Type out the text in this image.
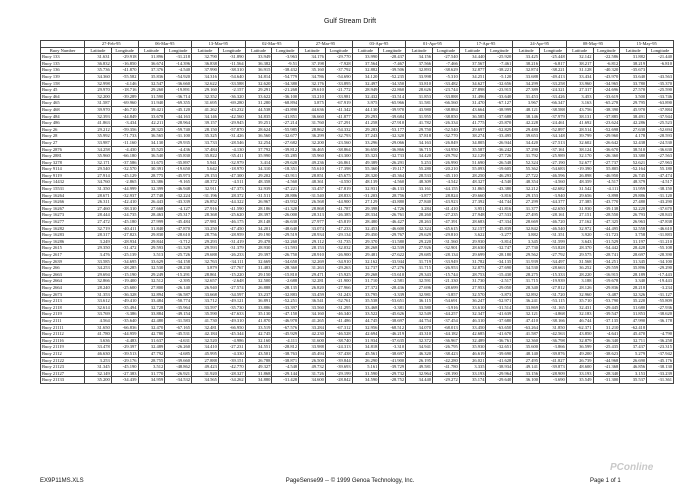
Gulf Stream Drift
	27-Feb-95		06-Mar-95		13-Mar-95		02-Mar-95		27-Mar-95		03-Apr-95		01-Apr-95		17-Apr-95		24-Apr-95		08-May-95		15-May-95	
Buoy Number	Latitude	Longitude	Latitude	Longitude	Latitude	Longitude	Latitude	Longitude	Latitude	Longitude	Latitude	Longitude	Latitude	Longitude	Latitude	Longitude	Latitude	Longitude	Latitude	Longitude	Latitude	Longitude
Buoy 133	31.631	-29.918	31.896	-31.218	32.790	-31.890	33.949	-3.963	34.176	-29.770	33.990	-28.437	34.156	-27.540	34.440	-25.920	33.425	-25.448	32.142	-22.586	31.882	-21.440
Buoy 135	36.832	-16.850	36.674	-14.396	36.838	-11.564	36.382	-9.51	37.198	-7.928	37.564	-7.467	37.566	-7.466	37.567	-7.461	38.216	-6.817	38.217	-6.812	38.219	-6.810
Buoy 136	35.736	-41.870	37.376	-4.540	37.990	-38.310	36.915	-38.432	35.160	-37.792	32.882	-39.506	32.893	-38.629	32.877	-38.221	32.874	-38.221	31.128	-40.320	-35.673	
Buoy 139	34.360	-55.582	35.836	-54.920	34.316	-54.640	34.814	-54.779	34.786	-54.690	34.120	-52.235	33.998	-5.310	34.251	-5.120	33.688	-49.413	33.434	-43.970	33.640	-43.563
Buoy 158	32.998	-4.146	32.547	-36.660	32.622	-33.588	32.620	-34.380	32.176	-33.895	32.497	-34.350	33.810	-33.482	34.627	-32.656	34.299	-33.258	33.960	-34.965	33.780	-35.370
Buoy 45	29.970	-18.716	29.260	-19.891	29.160	-2.157	29.291	-21.268	29.610	-21.772	28.949	-22.860	28.626	-23.744	27.898	-23.915	27.389	-24.321	27.317	-24.696	27.570	-25.590
Buoy 464	32.200	-39.289	31.590	-36.714	32.352	-36.320	33.622	-36.100	33.210	-33.981	32.432	-33.514	31.853	-33.888	31.496	-33.640	31.453	-33.426	3.453	-33.619	3.500	-33.746
Buoy 465	31.587	-69.960	31.940	-69.355	31.695	-69.280	31.280	-68.894	3.875	-67.919	3.975	-65.966	31.581	-66.560	31.470	-67.127	3.967	-66.347	3.163	-65.278	29.795	-63.890
Buoy 468	39.970	-46.710	39.421	-45.120	41.262	-43.232	44.538	-43.890	44.636	-41.342	44.130	-39.970	43.980	-38.884	43.664	-38.999	48.121	-38.588	43.756	-38.390	45.970	-37.884
Buoy 484	32.393	-44.849	33.678	-44.163	34.146	-42.560	34.835	-41.851	36.660	-41.877	29.293	-39.684	31.955	-38.850	36.585	-37.688	38.146	-37.979	38.131	-37.885	38.491	-37.944
Buoy 486	41.863	-3.434	42.211	-28.964	39.157	-29.945	39.251	-27.214	31.760	-27.291	41.258	-27.910	41.782	-26.334	41.775	-25.870	42.228	-24.461	41.692	-23.624	42.286	-25.523
Buoy 26	29.212	-59.356	28.325	-59.740	28.150	-57.870	28.624	-55.985	28.862	-54.332	29.283	-53.177	29.750	-52.540	29.697	-52.829	29.480	-52.897	28.514	-52.698	27.638	-52.694
Buoy 28	35.992	-71.733	36.565	-31.100	35.325	-31.426	36.560	-32.677	36.299	-32.793	37.243	-32.320	37.818	-32.770	38.274	-33.495	39.653	-34.148	39.799	-29.960	4.178	-28.593
Buoy 27	33.987	-11.160	34.130	-29.935	33.733	-28.546	32.254	-27.682	32.200	-23.560	33.296	-29.066	34.163	-26.849	34.805	-26.944	34.420	-27.513	32.602	-26.642	32.438	-24.530
Buoy 2876	34.258	-4.430	35.525	-4.436	37.484	-4.130	37.792	-39.812	36.465	-38.864	36.650	-36.866	36.715	-34.950	35.587	-36.242	37.290	-37.161	38.124	-36.670	38.510	-36.630
Buoy 2881	35.960	-66.180	36.540	-35.830	35.822	-35.411	35.990	-35.285	35.960	-43.300	35.323	-32.733	34.420	-29.792	32.129	-27.726	31.792	-25.989	32.170	-26.360	33.380	-27.563
Buoy 3278	32.171	-37.586	31.675	-35.897	5.941	-32.979	3.414	-29.620	49.236	-26.861	49.389	-26.291	5.253	-26.990	51.690	-26.548	52.324	-27.190	52.677	-27.737	52.621	-27.963
Buoy 9114	29.540	-32.570	30.391	-19.650	5.642	-18.970	34.310	-18.351	55.610	-17.398	55.360	-19.117	55.280	-20.210	55.093	-19.605	55.362	-54.683	-19.390	55.805	-52.164	55.180
Buoy 9119	27.914	-45.129	28.775	-45.973	29.153	-47.300	29.202	-43.911	28.851	-45.675	28.320	-45.364	28.533	-45.110	28.250	-46.293	27.722	-46.596	26.898	-46.950	26.745	-47.474
Buoy 14432	34.760	-2.865	33.386	-9.165	48.372	-4.511	48.358	-4.560	48.361	-4.550	48.139	-4.560	48.309	-4.542	48.327	-4.540	48.354	-4.560	48.359	-4.517	48.379	-4.517
Buoy 15531	31.350	-44.999	32.399	-46.948	32.911	-47.373	32.939	-47.221	33.457	-47.819	32.931	-46.133	33.161	-44.155	31.865	-43.380	32.212	-42.682	31.542	-4.111	31.959	-38.150
Buoy 16264	28.671	-32.937	27.748	-32.224	-31.196	28.372	-31.511	28.886	-31.540	28.833	-31.203	28.756	-3.877	28.824	-29.660	-3.816	29.153	-3.940	29.656	-3.898	29.886	-31.120
Buoy 16266	26.311	-42.410	26.443	-43.339	26.852	-44.322	26.967	-43.932	26.568	-44.900	27.129	-43.880	27.840	-43.923	27.392	-44.744	27.299	-44.377	27.385	-43.770	27.480	-43.290
Buoy 16267	27.460	-38.310	27.668	-4.127	27.916	-41.590	28.186	-41.320	28.868	-41.787	29.398	-4.726	3.284	-41.410	3.951	-41.816	31.377	-42.650	31.930	-39.138	32.220	-37.670
Buoy 16273	28.444	-24.735	28.463	-25.317	28.368	-25.620	28.397	-26.000	28.313	-26.385	28.334	-26.761	28.260	-27.235	27.948	-27.533	27.495	-28.161	27.151	-28.550	26.793	-28.843
Buoy 16277	27.472	-45.180	27.999	-45.484	27.981	-46.175	28.148	-46.630	27.977	-45.819	28.480	-46.427	28.263	-47.391	28.683	-47.334	28.669	-46.720	27.162	-47.325	26.963	-47.838
Buoy 16282	32.719	-40.411	31.840	-47.870	33.250	-47.450	34.201	-48.640	33.074	-47.233	32.453	-46.600	32.324	-45.615	32.157	-45.839	32.842	-46.540	32.972	-44.495	32.558	-46.610
Buoy 16283	28.317	-27.823	29.830	-28.610	28.756	-28.959	29.190	-29.519	28.934	-29.134	29.450	-29.767	29.629	-29.810	3.622	-3.277	3.882	-31.351	3.920	-31.723	3.758	-31.883
Buoy 16286	3.249	-28.934	29.844	-3.712	29.293	-31.419	29.478	-32.260	29.112	-31.735	29.370	-31.580	29.220	-31.560	29.930	-3.814	3.345	-31.599	3.643	-31.529	31.197	-31.210
Buoy 2615	29.350	-31.472	29.593	-31.329	29.593	-31.379	28.930	-31.593	28.153	-32.032	28.268	-32.539	27.926	-32.901	28.630	-32.747	27.730	-53.828	28.370	-54.442	28.428	-55.108
Buoy 2617	3.476	-25.139	3.513	-25.726	29.688	-26.233	29.397	-26.750	28.910	-26.900	29.481	-27.622	29.685	-28.134	29.699	-28.180	29.562	-27.792	29.575	-28.741	28.697	-28.390
Buoy 2639	33.585	-34.695	33.629	-34.158	32.763	-34.111	32.669	-34.650	32.269	-34.910	32.162	-33.944	31.719	-33.949	31.782	-34.135	31.939	-34.497	31.568	-34.251	31.345	-34.100
Buoy 266	34.253	-28.285	32.530	-28.230	3.879	-27.767	31.483	-28.360	31.263	-29.263	32.737	-27.276	31.715	-26.953	32.875	-27.690	34.530	-28.663	36.252	-29.559	35.896	-29.290
Buoy 2663	29.694	-15.190	29.249	-15.291	28.861	-15.220	29.150	-15.810	29.471	-15.925	29.268	-15.610	29.343	-15.744	28.753	-15.430	28.275	-15.333	28.220	-16.915	28.189	-17.443
Buoy 2664	32.866	-19.400	32.512	-2.395	32.657	-2.648	32.500	-2.688	32.281	-21.900	31.710	-2.581	32.591	-21.330	31.730	-2.517	31.715	-19.939	3.188	-19.678	3.340	-19.443
Buoy 2664	28.240	-25.600	27.800	-26.140	26.940	-27.574	26.888	-28.135	26.820	-27.966	27.372	-28.436	27.696	-28.699	27.953	-29.050	28.340	-27.812	28.126	-29.836	28.218	-3.234
Buoy 2673	31.353	-36.328	32.894	-36.587	33.668	-34.597	33.237	-32.883	33.459	-31.243	33.795	-3.339	32.981	-3.857	32.570	-3.873	32.892	-31.720	32.960	-3.487	32.326	-31.127
Buoy 2113	33.612	-49.410	33.484	-50.774	33.712	-49.121	36.891	-52.251	36.541	-52.761	35.538	-53.651	36.115	-54.691	36.247	-52.971	36.241	-53.115	35.710	-53.790	35.220	-55.809
Buoy 2118	32.614	-35.494	32.728	-35.964	33.597	-35.730	33.886	-33.397	33.560	-31.295	33.468	-3.381	33.580	-3.916	33.610	-31.514	33.869	-31.165	32.431	-29.445	31.680	-27.936
Buoy 2119	33.769	-3.386	33.884	-49.154	35.590	-47.633	35.130	-47.150	34.160	-46.340	33.522	-45.626	32.549	-44.257	32.347	-41.639	32.121	-4.868	32.183	-39.547	31.853	-38.620
Buoy 2111	4.564	-35.640	42.480	-31.583	41.730	-49.310	41.870	-46.978	41.265	-41.486	44.745	-38.697	44.754	-37.454	46.310	-37.680	47.410	-38.166	46.744	-37.135	47.990	-36.178
Buoy 21111	31.650	-66.836	32.470	-67.165	32.481	-66.950	33.519	-67.576	33.284	-67.312	32.956	-68.512	34.070	-68.013	33.450	-63.650	-63.264	31.850	-62.371	31.210	-62.418	
Buoy 21112	41.780	-44.959	42.780	-45.531	42.184	-45.344	42.745	-45.929	42.230	-46.528	42.694	-46.219	43.310	-44.182	42.685	-41.670	41.587	-42.563	43.850	-4.641	45.470	-4.790
Buoy 21116	3.636	-4.483	31.637	-4.631	32.520	-4.986	32.160	-4.111	31.600	-38.740	31.934	-37.635	32.372	-36.967	32.489	-36.761	32.360	-36.798	32.879	-36.340	32.711	-36.258
Buoy 21119	33.478	-29.397	32.489	-26.260	34.410	-27.231	34.551	-28.812	33.988	-24.313	34.818	-3.310	34.941	-26.795	35.930	-32.651	35.600	-3.866	36.599	-25.435	37.437	-23.315
Buoy 2112	46.630	-39.513	47.792	-4.685	45.995	-4.330	43.501	-38.763	45.494	-37.438	45.561	-38.697	46.320	-38.423	46.619	-39.690	48.140	-39.876	49.200	-38.623	5.279	-37.942
Buoy 21122	3.253	-29.176	28.755	-39.660	27.888	-39.151	26.788	-38.871	26.500	-39.844	26.290	-41.900	26.195	-42.280	26.021	-41.628	27.495	-41.827	26.739	-44.968	26.690	-45.176
Buoy 21123	31.345	-45.190	3.512	-48.862	49.423	-42.770	49.327	-4.548	49.732	-39.693	5.161	-39.729	49.581	-41.780	3.335	-38.934	49.141	-39.873	48.600	-41.368	46.856	-38.130
Buoy 21127	32.149	-27.383	31.770	-26.921	31.920	-28.327	31.868	-29.144	31.726	-29.199	31.590	-29.732	32.964	-28.190	33.193	-29.964	33.156	-28.909	33.193	-28.340	3.153	-33.239
Buoy 21133	35.200	-34.439	34.959	-34.532	34.565	-34.262	34.880	-31.428	34.600	-28.842	34.590	-28.752	34.440	-29.272	35.174	-29.640	36.100	-3.690	35.549	-31.300	35.537	-31.361
EX9P11MS.XLS	PageSense99 -- © 1999 Genoa Technology, Inc.	Page 1 of 1
PConline
